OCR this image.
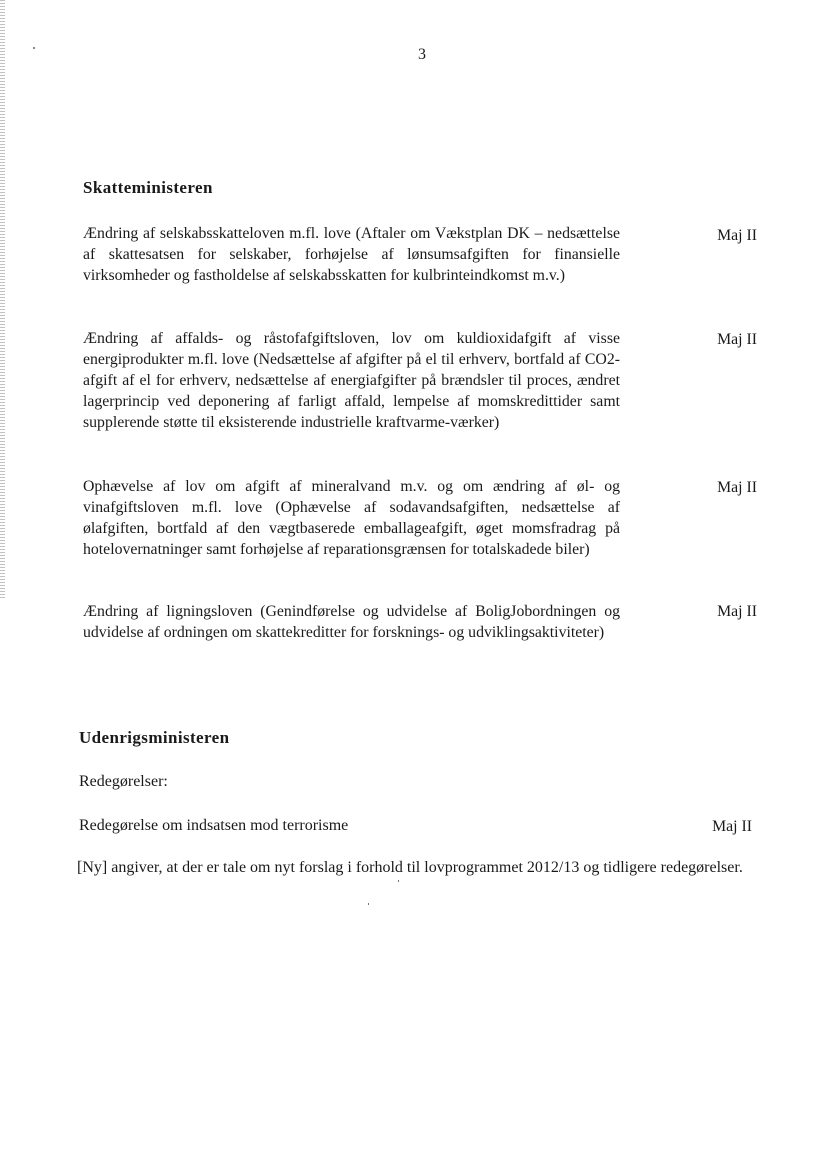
3
Skatteministeren
Ændring af selskabsskatteloven m.fl. love (Aftaler om Vækstplan DK – nedsættelse af skattesatsen for selskaber, forhøjelse af lønsumsafgiften for finansielle virksomheder og fastholdelse af selskabsskatten for kulbrinteindkomst m.v.)
Maj II
Ændring af affalds- og råstofafgiftsloven, lov om kuldioxidafgift af visse energiprodukter m.fl. love (Nedsættelse af afgifter på el til erhverv, bortfald af CO2-afgift af el for erhverv, nedsættelse af energiafgifter på brændsler til proces, ændret lagerprincip ved deponering af farligt affald, lempelse af momskredittider samt supplerende støtte til eksisterende industrielle kraftvarme-værker)
Maj II
Ophævelse af lov om afgift af mineralvand m.v. og om ændring af øl- og vinafgiftsloven m.fl. love (Ophævelse af sodavandsafgiften, nedsættelse af ølafgiften, bortfald af den vægtbaserede emballageafgift, øget momsfradrag på hotelovernatninger samt forhøjelse af reparationsgrænsen for totalskadede biler)
Maj II
Ændring af ligningsloven (Genindførelse og udvidelse af BoligJobordningen og udvidelse af ordningen om skattekreditter for forsknings- og udviklingsaktiviteter)
Maj II
Udenrigsministeren
Redegørelser:
Redegørelse om indsatsen mod terrorisme	Maj II
[Ny] angiver, at der er tale om nyt forslag i forhold til lovprogrammet 2012/13 og tidligere redegørelser.
